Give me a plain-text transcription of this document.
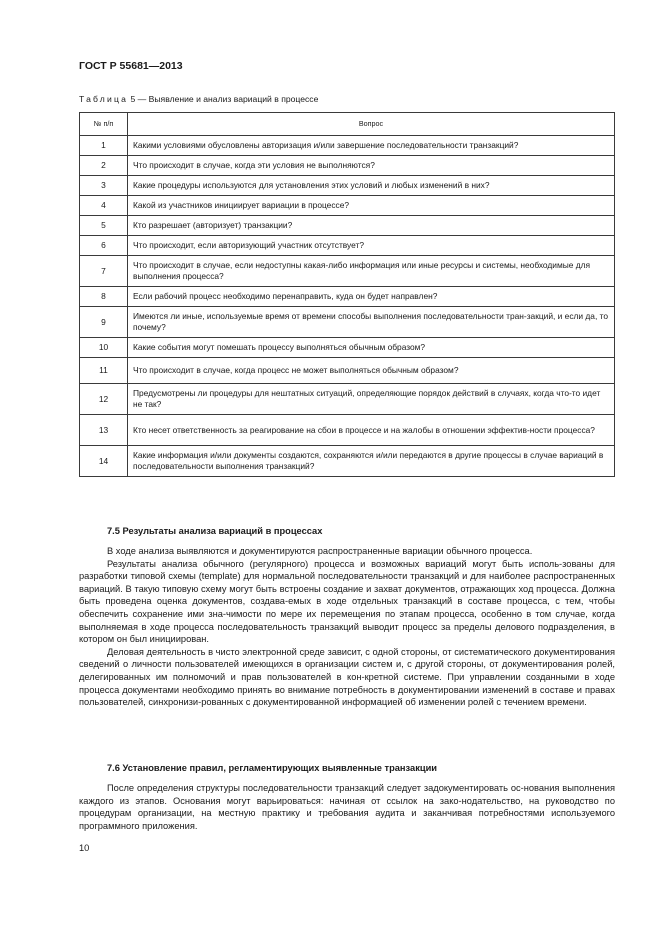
ГОСТ Р 55681—2013
Таблица 5 — Выявление и анализ вариаций в процессе
№ п/п	Вопрос
1	Какими условиями обусловлены авторизация и/или завершение последовательности транзакций?
2	Что происходит в случае, когда эти условия не выполняются?
3	Какие процедуры используются для установления этих условий и любых изменений в них?
4	Какой из участников инициирует вариации в процессе?
5	Кто разрешает (авторизует) транзакции?
6	Что происходит, если авторизующий участник отсутствует?
7	Что происходит в случае, если недоступны какая-либо информация или иные ресурсы и системы, необходимые для выполнения процесса?
8	Если рабочий процесс необходимо перенаправить, куда он будет направлен?
9	Имеются ли иные, используемые время от времени способы выполнения последовательности тран-закций, и если да, то почему?
10	Какие события могут помешать процессу выполняться обычным образом?
11	Что происходит в случае, когда процесс не может выполняться обычным образом?
12	Предусмотрены ли процедуры для нештатных ситуаций, определяющие порядок действий в случаях, когда что-то идет не так?
13	Кто несет ответственность за реагирование на сбои в процессе и на жалобы в отношении эффектив-ности процесса?
14	Какие информация и/или документы создаются, сохраняются и/или передаются в другие процессы в случае вариаций в последовательности выполнения транзакций?
7.5 Результаты анализа вариаций в процессах

В ходе анализа выявляются и документируются распространенные вариации обычного процесса.

Результаты анализа обычного (регулярного) процесса и возможных вариаций могут быть исполь-зованы для разработки типовой схемы (template) для нормальной последовательности транзакций и для наиболее распространенных вариаций. В такую типовую схему могут быть встроены создание и захват документов, отражающих ход процесса. Должна быть проведена оценка документов, создава-емых в ходе отдельных транзакций в составе процесса, с тем, чтобы обеспечить сохранение ими зна-чимости по мере их перемещения по этапам процесса, особенно в том случае, когда выполняемая в ходе процесса последовательность транзакций выводит процесс за пределы делового подразделения, в котором он был инициирован.

Деловая деятельность в чисто электронной среде зависит, с одной стороны, от систематического документирования сведений о личности пользователей имеющихся в организации систем и, с другой стороны, от документирования ролей, делегированных им полномочий и прав пользователей в кон-кретной системе. При управлении созданными в ходе процесса документами необходимо принять во внимание потребность в документировании изменений в составе и правах пользователей, синхронизи-рованных с документированной информацией об изменении ролей с течением времени.

7.6 Установление правил, регламентирующих выявленные транзакции

После определения структуры последовательности транзакций следует задокументировать ос-нования выполнения каждого из этапов. Основания могут варьироваться: начиная от ссылок на зако-нодательство, на руководство по процедурам организации, на местную практику и требования аудита и заканчивая потребностями используемого программного приложения.

10
